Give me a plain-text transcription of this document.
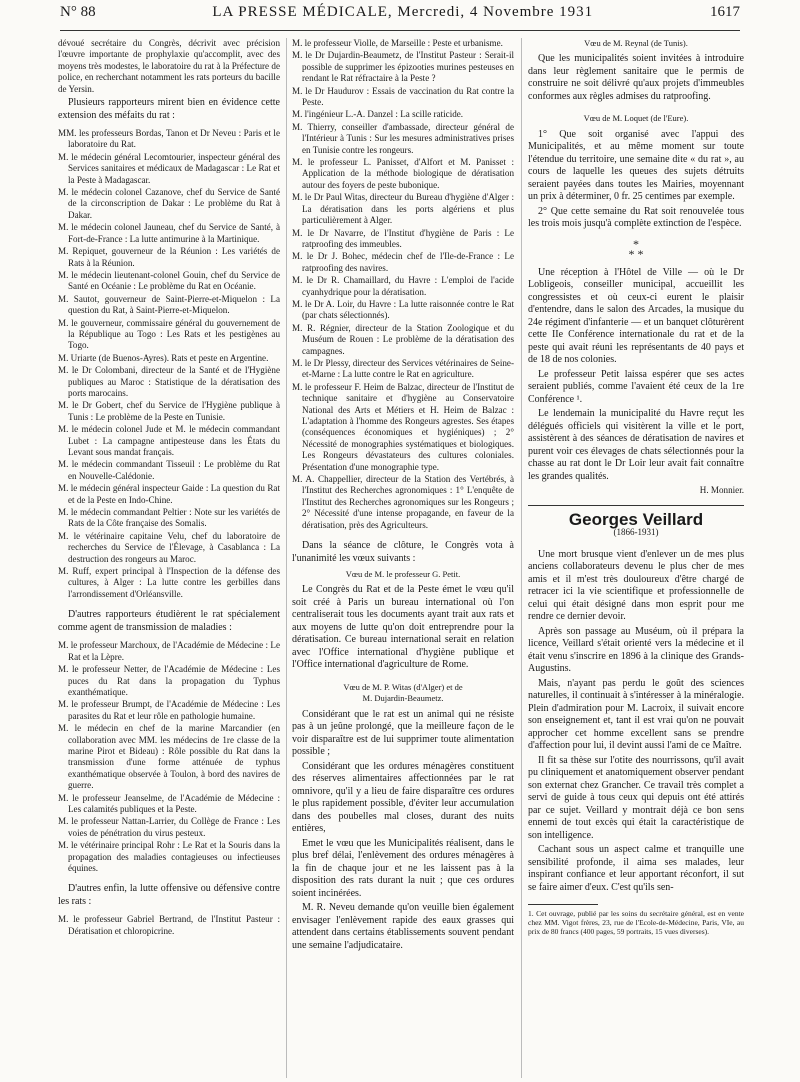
N° 88	LA PRESSE MÉDICALE, Mercredi, 4 Novembre 1931	1617

dévoué secrétaire du Congrès, décrivit avec précision l'œuvre importante de prophylaxie qu'accomplit, avec des moyens très modestes, le laboratoire du rat à la Préfecture de police, en recherchant notamment les rats porteurs du bacille de Yersin.

Plusieurs rapporteurs mirent bien en évidence cette extension des méfaits du rat :

MM. les professeurs Bordas, Tanon et Dr Neveu : Paris et le laboratoire du Rat.

M. le médecin général Lecomtourier, inspecteur général des Services sanitaires et médicaux de Madagascar : Le Rat et la Peste à Madagascar.

M. le médecin colonel Cazanove, chef du Service de Santé de la circonscription de Dakar : Le problème du Rat à Dakar.

M. le médecin colonel Jauneau, chef du Service de Santé, à Fort-de-France : La lutte antimurine à la Martinique.

M. Repiquet, gouverneur de la Réunion : Les variétés de Rats à la Réunion.

M. le médecin lieutenant-colonel Gouin, chef du Service de Santé en Océanie : Le problème du Rat en Océanie.

M. Sautot, gouverneur de Saint-Pierre-et-Miquelon : La question du Rat, à Saint-Pierre-et-Miquelon.

M. le gouverneur, commissaire général du gouvernement de la République au Togo : Les Rats et les pestigènes au Togo.

M. Uriarte (de Buenos-Ayres). Rats et peste en Argentine.

M. le Dr Colombani, directeur de la Santé et de l'Hygiène publiques au Maroc : Statistique de la dératisation des ports marocains.

M. le Dr Gobert, chef du Service de l'Hygiène publique à Tunis : Le problème de la Peste en Tunisie.

M. le médecin colonel Jude et M. le médecin commandant Lubet : La campagne antipesteuse dans les États du Levant sous mandat français.

M. le médecin commandant Tisseuil : Le problème du Rat en Nouvelle-Calédonie.

M. le médecin général inspecteur Gaide : La question du Rat et de la Peste en Indo-Chine.

M. le médecin commandant Peltier : Note sur les variétés de Rats de la Côte française des Somalis.

M. le vétérinaire capitaine Velu, chef du laboratoire de recherches du Service de l'Élevage, à Casablanca : La destruction des rongeurs au Maroc.

M. Ruff, expert principal à l'Inspection de la défense des cultures, à Alger : La lutte contre les gerbilles dans l'arrondissement d'Orléansville.

D'autres rapporteurs étudièrent le rat spécialement comme agent de transmission de maladies :

M. le professeur Marchoux, de l'Académie de Médecine : Le Rat et la Lèpre.

M. le professeur Netter, de l'Académie de Médecine : Les puces du Rat dans la propagation du Typhus exanthématique.

M. le professeur Brumpt, de l'Académie de Médecine : Les parasites du Rat et leur rôle en pathologie humaine.

M. le médecin en chef de la marine Marcandier (en collaboration avec MM. les médecins de 1re classe de la marine Pirot et Bideau) : Rôle possible du Rat dans la transmission d'une forme atténuée de typhus exanthématique observée à Toulon, à bord des navires de guerre.

M. le professeur Jeanselme, de l'Académie de Médecine : Les calamités publiques et la Peste.

M. le professeur Nattan-Larrier, du Collège de France : Les voies de pénétration du virus pesteux.

M. le vétérinaire principal Rohr : Le Rat et la Souris dans la propagation des maladies contagieuses ou infectieuses équines.

D'autres enfin, la lutte offensive ou défensive contre les rats :

M. le professeur Gabriel Bertrand, de l'Institut Pasteur : Dératisation et chloropicrine.

M. le professeur Violle, de Marseille : Peste et urbanisme.

M. le Dr Dujardin-Beaumetz, de l'Institut Pasteur : Serait-il possible de supprimer les épizooties murines pesteuses en rendant le Rat réfractaire à la Peste ?

M. le Dr Haudurov : Essais de vaccination du Rat contre la Peste.

M. l'ingénieur L.-A. Danzel : La scille raticide.

M. Thierry, conseiller d'ambassade, directeur général de l'Intérieur à Tunis : Sur les mesures administratives prises en Tunisie contre les rongeurs.

M. le professeur L. Panisset, d'Alfort et M. Panisset : Application de la méthode biologique de dératisation autour des foyers de peste bubonique.

M. le Dr Paul Witas, directeur du Bureau d'hygiène d'Alger : La dératisation dans les ports algériens et plus particulièrement à Alger.

M. le Dr Navarre, de l'Institut d'hygiène de Paris : Le ratproofing des immeubles.

M. le Dr J. Bohec, médecin chef de l'Ile-de-France : Le ratproofing des navires.

M. le Dr R. Chamaillard, du Havre : L'emploi de l'acide cyanhydrique pour la dératisation.

M. le Dr A. Loir, du Havre : La lutte raisonnée contre le Rat (par chats sélectionnés).

M. R. Régnier, directeur de la Station Zoologique et du Muséum de Rouen : Le problème de la dératisation des campagnes.

M. le Dr Plessy, directeur des Services vétérinaires de Seine-et-Marne : La lutte contre le Rat en agriculture.

M. le professeur F. Heim de Balzac, directeur de l'Institut de technique sanitaire et d'hygiène au Conservatoire National des Arts et Métiers et H. Heim de Balzac : L'adaptation à l'homme des Rongeurs agrestes. Ses étapes (conséquences économiques et hygiéniques) ; 2° Nécessité de monographies systématiques et biologiques. Les Rongeurs dévastateurs des cultures coloniales. Présentation d'une monographie type.

M. A. Chappellier, directeur de la Station des Vertébrés, à l'Institut des Recherches agronomiques : 1° L'enquête de l'Institut des Recherches agronomiques sur les Rongeurs ; 2° Nécessité d'une intense propagande, en faveur de la dératisation, près des Agriculteurs.

Dans la séance de clôture, le Congrès vota à l'unanimité les vœux suivants :

Vœu de M. le professeur G. Petit.

Le Congrès du Rat et de la Peste émet le vœu qu'il soit créé à Paris un bureau international où l'on centraliserait tous les documents ayant trait aux rats et aux moyens de lutte qu'on doit entreprendre pour la dératisation. Ce bureau international serait en relation avec l'Office international d'hygiène publique et l'Office international d'agriculture de Rome.

Vœu de M. P. Witas (d'Alger) et de

M. Dujardin-Beaumetz.

Considérant que le rat est un animal qui ne résiste pas à un jeûne prolongé, que la meilleure façon de le voir disparaître est de lui supprimer toute alimentation possible ;

Considérant que les ordures ménagères constituent des réserves alimentaires affectionnées par le rat omnivore, qu'il y a lieu de faire disparaître ces ordures le plus rapidement possible, d'éviter leur accumulation dans des poubelles mal closes, durant des nuits entières,

Emet le vœu que les Municipalités réalisent, dans le plus bref délai, l'enlèvement des ordures ménagères à la fin de chaque jour et ne les laissent pas à la disposition des rats durant la nuit ; que ces ordures soient incinérées.

M. R. Neveu demande qu'on veuille bien également envisager l'enlèvement rapide des eaux grasses qui attendent dans certains établissements souvent pendant une semaine l'adjudicataire.

Vœu de M. Reynal (de Tunis).

Que les municipalités soient invitées à introduire dans leur règlement sanitaire que le permis de construire ne soit délivré qu'aux projets d'immeubles conformes aux règles admises du ratproofing.

Vœu de M. Loquet (de l'Eure).

1° Que soit organisé avec l'appui des Municipalités, et au même moment sur toute l'étendue du territoire, une semaine dite « du rat », au cours de laquelle les queues des sujets détruits seraient payées dans toutes les Mairies, moyennant un prix à déterminer, 0 fr. 25 centimes par exemple.

2° Que cette semaine du Rat soit renouvelée tous les trois mois jusqu'à complète extinction de l'espèce.

*
* *

Une réception à l'Hôtel de Ville — où le Dr Lobligeois, conseiller municipal, accueillit les congressistes et où ceux-ci eurent le plaisir d'entendre, dans le salon des Arcades, la musique du 24e régiment d'infanterie — et un banquet clôturèrent cette IIe Conférence internationale du rat et de la peste qui avait réuni les représentants de 40 pays et de 18 de nos colonies.

Le professeur Petit laissa espérer que ses actes seraient publiés, comme l'avaient été ceux de la 1re Conférence ¹.

Le lendemain la municipalité du Havre reçut les délégués officiels qui visitèrent la ville et le port, assistèrent à des séances de dératisation de navires et purent voir ces élevages de chats sélectionnés pour la chasse au rat dont le Dr Loir leur avait fait connaître les grandes qualités.

H. Monnier.

Georges Veillard
(1866-1931)

Une mort brusque vient d'enlever un de mes plus anciens collaborateurs devenu le plus cher de mes amis et il m'est très douloureux d'être chargé de retracer ici la vie scientifique et professionnelle de celui qui était désigné dans mon esprit pour me rendre ce dernier devoir.

Après son passage au Muséum, où il prépara la licence, Veillard s'était orienté vers la médecine et il était venu s'inscrire en 1896 à la clinique des Grands-Augustins.

Mais, n'ayant pas perdu le goût des sciences naturelles, il continuait à s'intéresser à la minéralogie. Plein d'admiration pour M. Lacroix, il suivait encore son enseignement et, tant il est vrai qu'on ne pouvait approcher cet homme excellent sans se prendre d'affection pour lui, il devint aussi l'ami de ce Maître.

Il fit sa thèse sur l'otite des nourrissons, qu'il avait pu cliniquement et anatomiquement observer pendant son externat chez Grancher. Ce travail très complet a servi de guide à tous ceux qui depuis ont été attirés par ce sujet. Veillard y montrait déjà ce bon sens ennemi de tout excès qui était la caractéristique de son intelligence.

Cachant sous un aspect calme et tranquille une sensibilité profonde, il aima ses malades, leur inspirant confiance et leur apportant réconfort, il sut se faire aimer d'eux. C'est qu'ils sen-

1. Cet ouvrage, publié par les soins du secrétaire général, est en vente chez MM. Vigot frères, 23, rue de l'Ecole-de-Médecine, Paris, VIe, au prix de 80 francs (400 pages, 59 portraits, 15 vues diverses).
